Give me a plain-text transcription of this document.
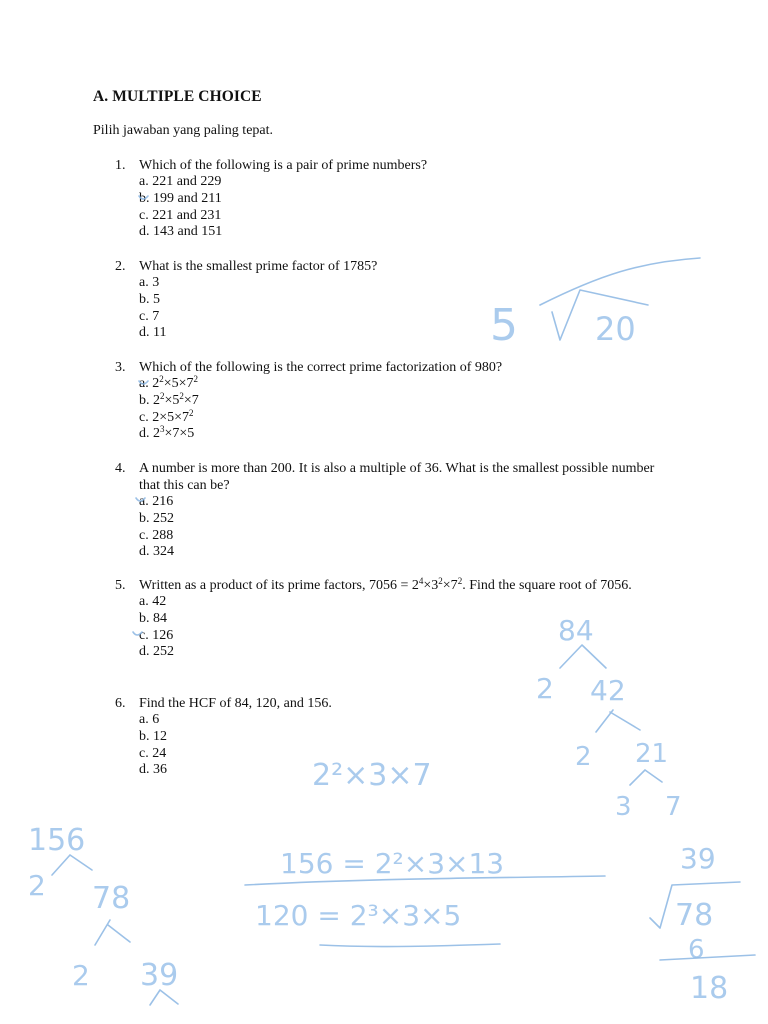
A. MULTIPLE CHOICE
Pilih jawaban yang paling tepat.
1. Which of the following is a pair of prime numbers?
a. 221 and 229
b. 199 and 211
c. 221 and 231
d. 143 and 151
2. What is the smallest prime factor of 1785?
a. 3
b. 5
c. 7
d. 11
3. Which of the following is the correct prime factorization of 980?
a. $2^2\times 5\times 7^2$
b. $2^2\times 5^2\times 7$
c. $2\times 5\times 7^2$
d. $2^3\times 7\times 5$
4. A number is more than 200. It is also a multiple of 36. What is the smallest possible number that this can be?
a. 216
b. 252
c. 288
d. 324
5. Written as a product of its prime factors, $7056 = 2^4\times 3^2\times 7^2$. Find the square root of 7056.
a. 42
b. 84
c. 126
d. 252
6. Find the HCF of 84, 120, and 156.
a. 6
b. 12
c. 24
d. 36
5 20
84
2 42
2 21
3 7
2²×3×7
156
2 78
2 39
156 = 2²×3×13
120 = 2³×3×5
39
78
6
18
